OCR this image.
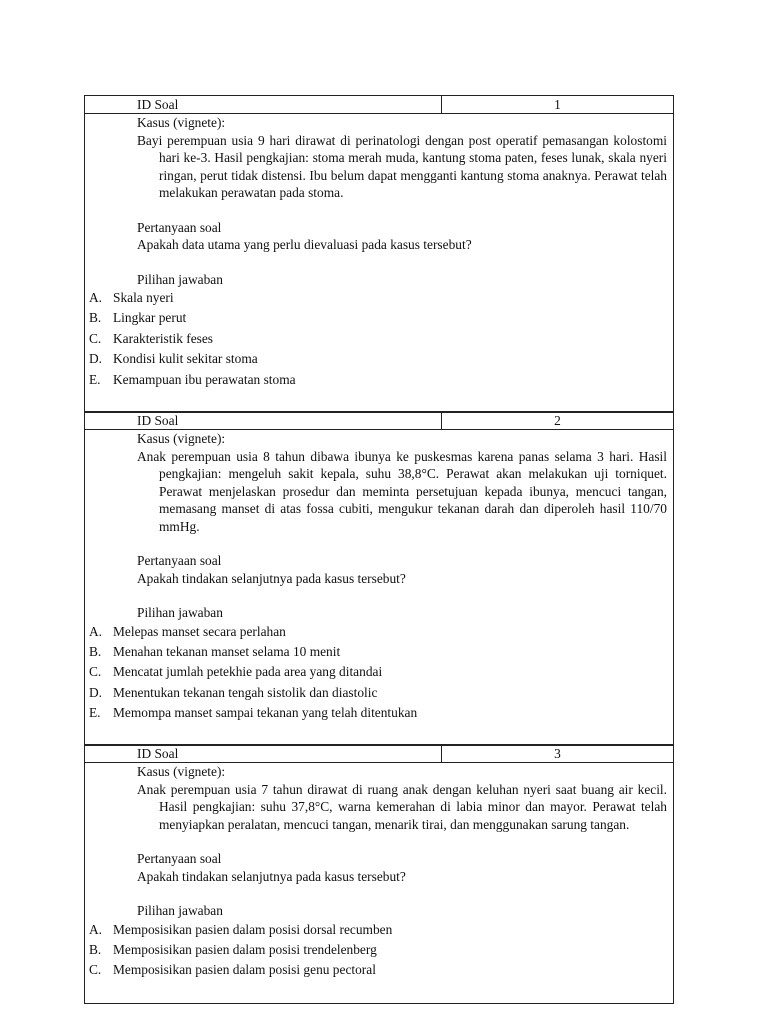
ID Soal	1
Kasus (vignete):
Bayi perempuan usia 9 hari dirawat di perinatologi dengan post operatif pemasangan kolostomi hari ke-3. Hasil pengkajian: stoma merah muda, kantung stoma paten, feses lunak, skala nyeri ringan, perut tidak distensi. Ibu belum dapat mengganti kantung stoma anaknya. Perawat telah melakukan perawatan pada stoma.
Pertanyaan soal
Apakah data utama yang perlu dievaluasi pada kasus tersebut?
Pilihan jawaban
A. Skala nyeri
B. Lingkar perut
C. Karakteristik feses
D. Kondisi kulit sekitar stoma
E. Kemampuan ibu perawatan stoma
ID Soal	2
Kasus (vignete):
Anak perempuan usia 8 tahun dibawa ibunya ke puskesmas karena panas selama 3 hari. Hasil pengkajian: mengeluh sakit kepala, suhu 38,8°C. Perawat akan melakukan uji torniquet. Perawat menjelaskan prosedur dan meminta persetujuan kepada ibunya, mencuci tangan, memasang manset di atas fossa cubiti, mengukur tekanan darah dan diperoleh hasil 110/70 mmHg.
Pertanyaan soal
Apakah tindakan selanjutnya pada kasus tersebut?
Pilihan jawaban
A. Melepas manset secara perlahan
B. Menahan tekanan manset selama 10 menit
C. Mencatat jumlah petekhie pada area yang ditandai
D. Menentukan tekanan tengah sistolik dan diastolic
E. Memompa manset sampai tekanan yang telah ditentukan
ID Soal	3
Kasus (vignete):
Anak perempuan usia 7 tahun dirawat di ruang anak dengan keluhan nyeri saat buang air kecil. Hasil pengkajian: suhu 37,8°C, warna kemerahan di labia minor dan mayor. Perawat telah menyiapkan peralatan, mencuci tangan, menarik tirai, dan menggunakan sarung tangan.
Pertanyaan soal
Apakah tindakan selanjutnya pada kasus tersebut?
Pilihan jawaban
A. Memposisikan pasien dalam posisi dorsal recumben
B. Memposisikan pasien dalam posisi trendelenberg
C. Memposisikan pasien dalam posisi genu pectoral
